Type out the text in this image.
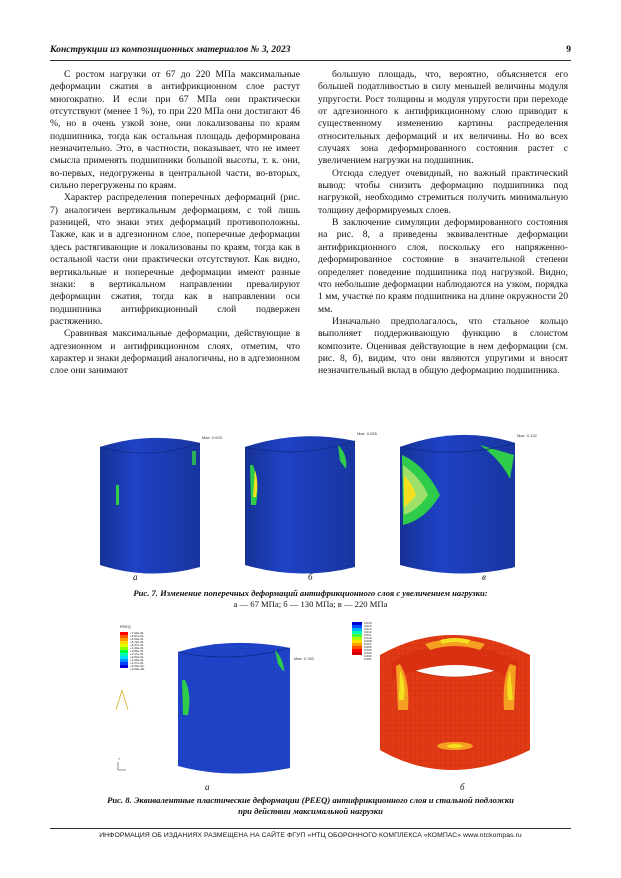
Конструкции из композиционных материалов № 3, 2023	9

С ростом нагрузки от 67 до 220 МПа максимальные деформации сжатия в антифрикционном слое растут многократно. И если при 67 МПа они практически отсутствуют (менее 1 %), то при 220 МПа они достигают 46 %, но в очень узкой зоне, они локализованы по краям подшипника, тогда как остальная площадь деформирована незначительно. Это, в частности, показывает, что не имеет смысла применять подшипники большой высоты, т. к. они, во-первых, недогружены в центральной части, во-вторых, сильно перегружены по краям.

Характер распределения поперечных деформаций (рис. 7) аналогичен вертикальным деформациям, с той лишь разницей, что знаки этих деформаций противоположны. Также, как и в адгезионном слое, поперечные деформации здесь растягивающие и локализованы по краям, тогда как в остальной части они практически отсутствуют. Как видно, вертикальные и поперечные деформации имеют разные знаки: в вертикальном направлении превалируют деформации сжатия, тогда как в направлении оси подшипника антифрикционный слой подвержен растяжению.

Сравнивая максимальные деформации, действующие в адгезионном и антифрикционном слоях, отметим, что характер и знаки деформаций аналогичны, но в адгезионном слое они занимают

большую площадь, что, вероятно, объясняется его большей податливостью в силу меньшей величины модуля упругости. Рост толщины и модуля упругости при переходе от адгезионного к антифрикционному слою приводит к существенному изменению картины распределения относительных деформаций и их величины. Но во всех случаях зона деформированного состояния растет с увеличением нагрузки на подшипник.

Отсюда следует очевидный, но важный практический вывод: чтобы снизить деформацию подшипника под нагрузкой, необходимо стремиться получить минимальную толщину деформируемых слоев.

В заключение симуляции деформированного состояния на рис. 8, а приведены эквивалентные деформации антифрикционного слоя, поскольку его напряженно-деформированное состояние в значительной степени определяет поведение подшипника под нагрузкой. Видно, что небольшие деформации наблюдаются на узком, порядка 1 мм, участке по краям подшипника на длине окружности 20 мм.

Изначально предполагалось, что стальное кольцо выполняет поддерживающую функцию в слоистом композите. Оценивая действующие в нем деформации (см. рис. 8, б), видим, что они являются упругими и вносят незначительный вклад в общую деформацию подшипника.

Max: 0.003
Max: 0.055	Max: 0.132
а	б	в
Рис. 7. Изменение поперечных деформаций антифрикционного слоя с увеличением нагрузки:
а — 67 МПа; б — 130 МПа; в — 220 МПа
PEEQ
+7.60e-01
+6.97e-01
+6.33e-01
+5.70e-01
+5.07e-01
+4.43e-01
+3.80e-01
+3.17e-01
+2.53e-01
+1.90e-01
+1.27e-01
+6.33e-02
+0.00e+00
Max: 0.760
Y
0.016
0.015
0.013
0.012
0.011
0.010
0.008
0.007
0.006
0.005
0.004
0.003
0.001
а	б
Рис. 8. Эквивалентные пластические деформации (PEEQ) антифрикционного слоя и стальной подложки
при действии максимальной нагрузки
ИНФОРМАЦИЯ ОБ ИЗДАНИЯХ РАЗМЕЩЕНА НА САЙТЕ ФГУП «НТЦ ОБОРОННОГО КОМПЛЕКСА «КОМПАС» www.ntckompas.ru
